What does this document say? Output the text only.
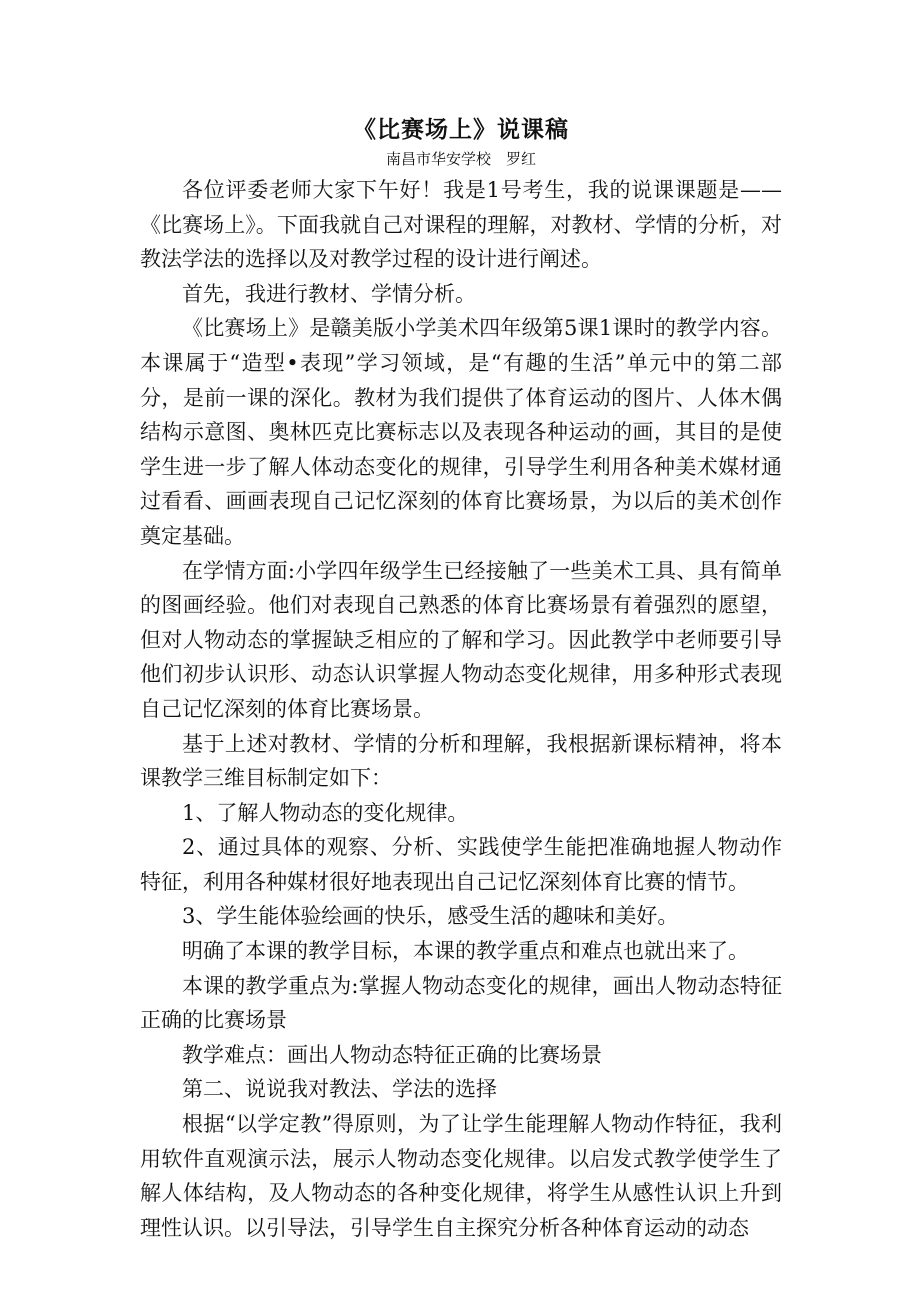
《比赛场上》说课稿
南昌市华安学校　罗红

各位评委老师大家下午好！我是1号考生，我的说课课题是——《比赛场上》。下面我就自己对课程的理解，对教材、学情的分析，对教法学法的选择以及对教学过程的设计进行阐述。

首先，我进行教材、学情分析。

《比赛场上》是赣美版小学美术四年级第5课1课时的教学内容。本课属于“造型•表现”学习领域，是“有趣的生活”单元中的第二部分，是前一课的深化。教材为我们提供了体育运动的图片、人体木偶结构示意图、奥林匹克比赛标志以及表现各种运动的画，其目的是使学生进一步了解人体动态变化的规律，引导学生利用各种美术媒材通过看看、画画表现自己记忆深刻的体育比赛场景，为以后的美术创作奠定基础。

在学情方面:小学四年级学生已经接触了一些美术工具、具有简单的图画经验。他们对表现自己熟悉的体育比赛场景有着强烈的愿望，但对人物动态的掌握缺乏相应的了解和学习。因此教学中老师要引导他们初步认识形、动态认识掌握人物动态变化规律，用多种形式表现自己记忆深刻的体育比赛场景。

基于上述对教材、学情的分析和理解，我根据新课标精神，将本课教学三维目标制定如下：

1、了解人物动态的变化规律。

2、通过具体的观察、分析、实践使学生能把准确地握人物动作特征，利用各种媒材很好地表现出自己记忆深刻体育比赛的情节。

3、学生能体验绘画的快乐，感受生活的趣味和美好。

明确了本课的教学目标，本课的教学重点和难点也就出来了。

本课的教学重点为:掌握人物动态变化的规律，画出人物动态特征正确的比赛场景

教学难点：画出人物动态特征正确的比赛场景

第二、说说我对教法、学法的选择

根据“以学定教”得原则，为了让学生能理解人物动作特征，我利用软件直观演示法，展示人物动态变化规律。以启发式教学使学生了解人体结构，及人物动态的各种变化规律，将学生从感性认识上升到理性认识。以引导法，引导学生自主探究分析各种体育运动的动态
